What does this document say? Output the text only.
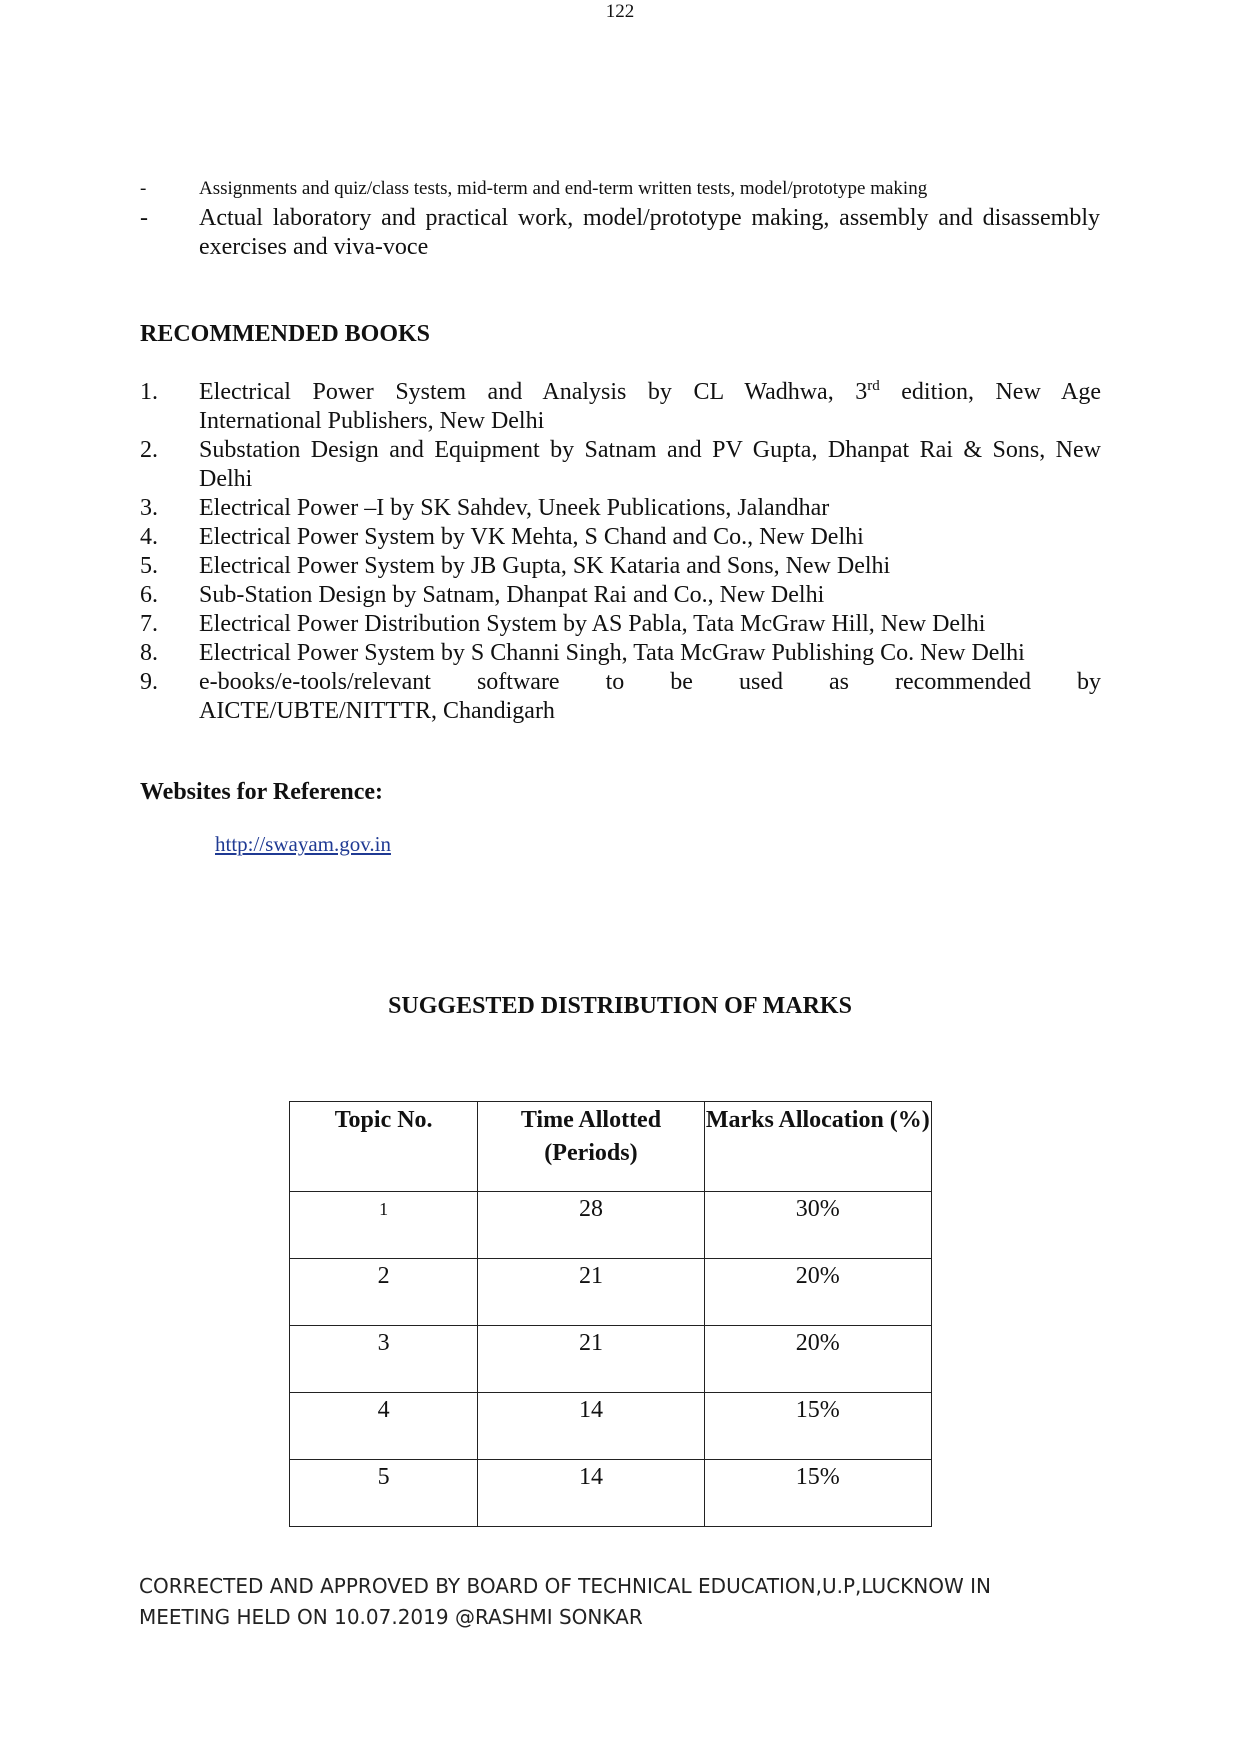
122
-	Assignments and quiz/class tests, mid-term and end-term written tests, model/prototype making
-	Actual laboratory and practical work, model/prototype making, assembly and disassembly exercises and viva-voce
RECOMMENDED BOOKS
1.	Electrical Power System and Analysis by CL Wadhwa, 3rd edition, New Age
International Publishers, New Delhi
2.	Substation Design and Equipment by Satnam and PV Gupta, Dhanpat Rai & Sons, New
Delhi
3.	Electrical Power –I by SK Sahdev, Uneek Publications, Jalandhar
4.	Electrical Power System by VK Mehta, S Chand and Co., New Delhi
5.	Electrical Power System by JB Gupta, SK Kataria and Sons, New Delhi
6.	Sub-Station Design by Satnam, Dhanpat Rai and Co., New Delhi
7.	Electrical Power Distribution System by AS Pabla, Tata McGraw Hill, New Delhi
8.	Electrical Power System by S Channi Singh, Tata McGraw Publishing Co. New Delhi
9.	e-books/e-tools/relevant software to be used as recommended by
AICTE/UBTE/NITTTR, Chandigarh
Websites for Reference:
http://swayam.gov.in
SUGGESTED DISTRIBUTION OF MARKS
Topic No.	Time Allotted (Periods)	Marks Allocation (%)
1	28	30%
2	21	20%
3	21	20%
4	14	15%
5	14	15%
CORRECTED AND APPROVED BY BOARD OF TECHNICAL EDUCATION,U.P,LUCKNOW IN
MEETING HELD ON 10.07.2019 @RASHMI SONKAR
